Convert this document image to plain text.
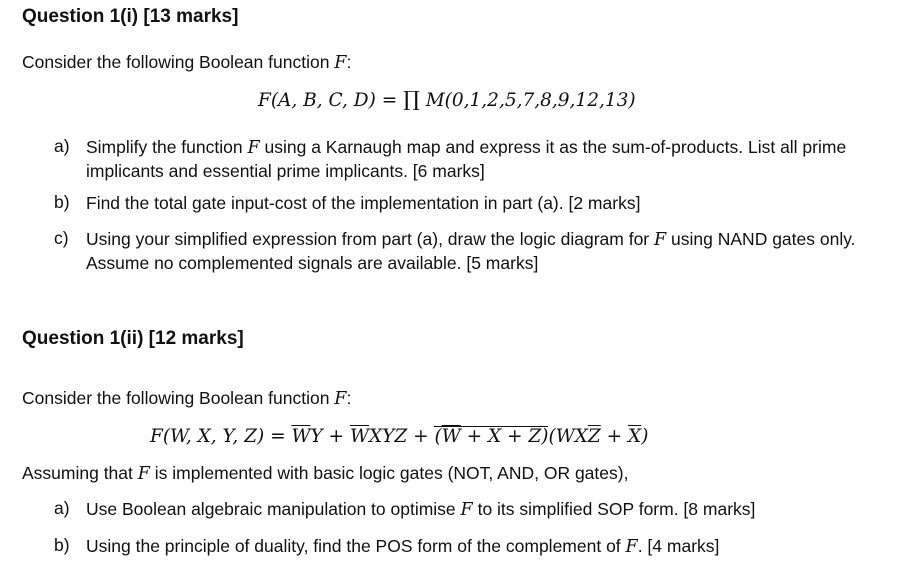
Question 1(i) [13 marks]
Consider the following Boolean function F:
F(A, B, C, D) = ∏ M(0,1,2,5,7,8,9,12,13)
a) Simplify the function F using a Karnaugh map and express it as the sum-of-products. List all prime implicants and essential prime implicants. [6 marks]
b) Find the total gate input-cost of the implementation in part (a). [2 marks]
c) Using your simplified expression from part (a), draw the logic diagram for F using NAND gates only. Assume no complemented signals are available. [5 marks]
Question 1(ii) [12 marks]
Consider the following Boolean function F:
F(W, X, Y, $Z) = \overline{W}Y + \overline{W}XYZ + (\overline{W} + X + Z)(WX\overline{Z} + \overline{X})$
Assuming that F is implemented with basic logic gates (NOT, AND, OR gates),
a) Use Boolean algebraic manipulation to optimise F to its simplified SOP form. [8 marks]
b) Using the principle of duality, find the POS form of the complement of F. [4 marks]
